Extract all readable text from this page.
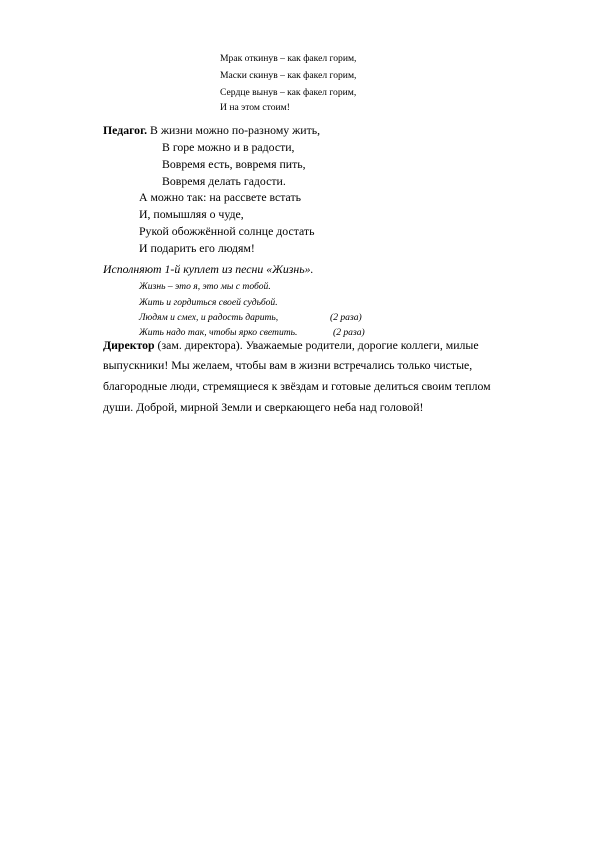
Мрак откинув – как факел горим,
Маски скинув – как факел горим,
Сердце вынув – как факел горим,
И на этом стоим!
Педагог. В жизни можно по-разному жить,
В горе можно и в радости,
Вовремя есть, вовремя пить,
Вовремя делать гадости.
А можно так: на рассвете встать
И, помышляя о чуде,
Рукой обожжённой солнце достать
И подарить его людям!
Исполняют 1-й куплет из песни «Жизнь».
Жизнь – это я, это мы с тобой.
Жить и гордиться своей судьбой.
Людям и смех, и радость дарить,	(2 раза)
Жить надо так, чтобы ярко светить.	(2 раза)
Директор (зам. директора). Уважаемые родители, дорогие коллеги, милые
выпускники! Мы желаем, чтобы вам в жизни встречались только чистые,
благородные люди, стремящиеся к звёздам и готовые делиться своим теплом
души. Доброй, мирной Земли и сверкающего неба над головой!
